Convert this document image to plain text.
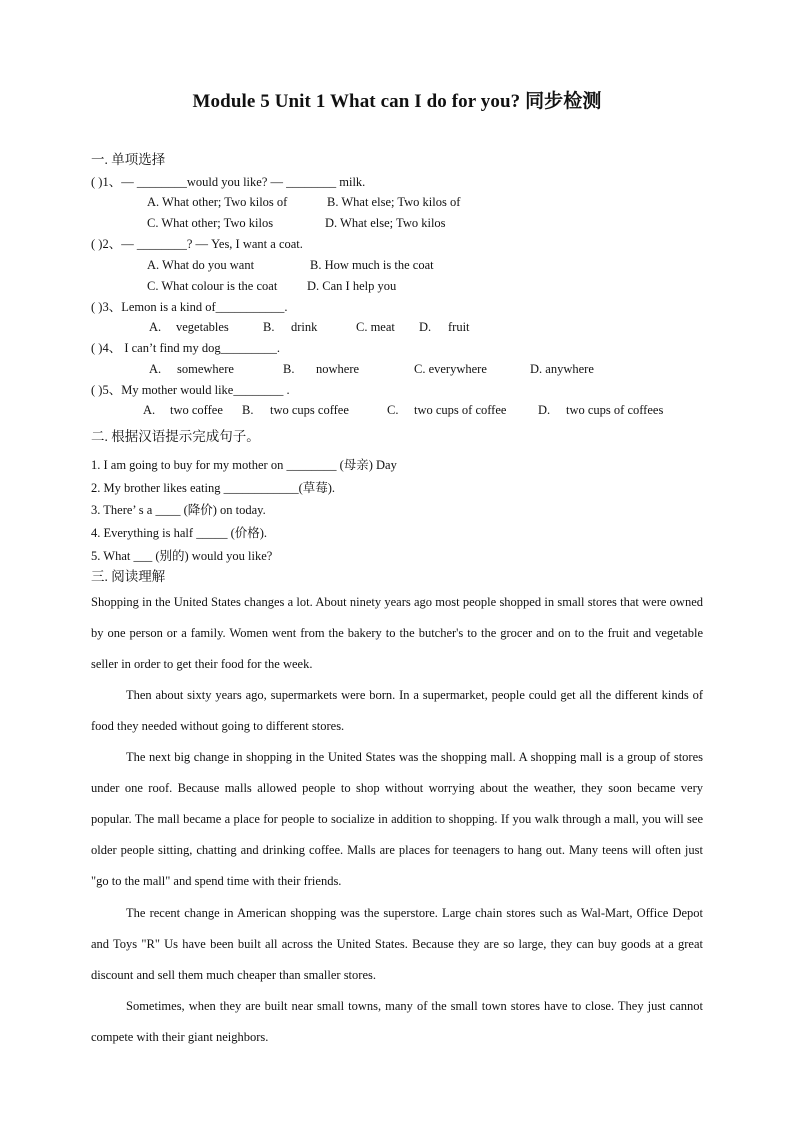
Module 5 Unit 1 What can I do for you? 同步检测
一. 单项选择
( )1、— ________would you like? — ________ milk.
A. What other; Two kilos of	B. What else; Two kilos of
C. What other; Two kilos	D. What else; Two kilos
( )2、— ________? — Yes, I want a coat.
A. What do you want	B. How much is the coat
C. What colour is the coat D. Can I help you
( )3、Lemon is a kind of___________.
A. vegetables	B. drink	C. meat D. fruit
( )4、 I can’t find my dog_________.
A. somewhere	B. nowhere	C. everywhere	D. anywhere
( )5、My mother would like________ .
A. two coffee B. two cups coffee	C. two cups of coffee	D. two cups of coffees
二. 根据汉语提示完成句子。
1. I am going to buy for my mother on ________ (母亲) Day
2. My brother likes eating ____________(草莓).
3. There’ s a ____ (降价) on today.
4. Everything is half _____ (价格).
5. What ___ (别的) would you like?
三. 阅读理解
Shopping in the United States changes a lot. About ninety years ago most people shopped in small stores that were owned by one person or a family. Women went from the bakery to the butcher's to the grocer and on to the fruit and vegetable seller in order to get their food for the week.
Then about sixty years ago, supermarkets were born. In a supermarket, people could get all the different kinds of food they needed without going to different stores.
The next big change in shopping in the United States was the shopping mall. A shopping mall is a group of stores under one roof. Because malls allowed people to shop without worrying about the weather, they soon became very popular. The mall became a place for people to socialize in addition to shopping. If you walk through a mall, you will see older people sitting, chatting and drinking coffee. Malls are places for teenagers to hang out. Many teens will often just "go to the mall" and spend time with their friends.
The recent change in American shopping was the superstore. Large chain stores such as Wal-Mart, Office Depot and Toys "R" Us have been built all across the United States. Because they are so large, they can buy goods at a great discount and sell them much cheaper than smaller stores.
Sometimes, when they are built near small towns, many of the small town stores have to close. They just cannot compete with their giant neighbors.
